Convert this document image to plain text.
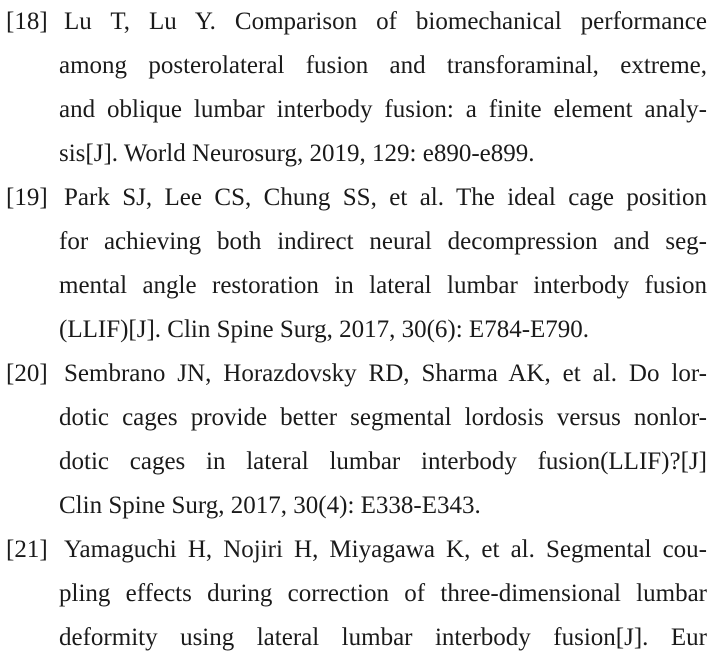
[18] Lu T, Lu Y. Comparison of biomechanical performance
among posterolateral fusion and transforaminal, extreme,
and oblique lumbar interbody fusion: a finite element analy-
sis[J]. World Neurosurg, 2019, 129: e890-e899.
[19] Park SJ, Lee CS, Chung SS, et al. The ideal cage position
for achieving both indirect neural decompression and seg-
mental angle restoration in lateral lumbar interbody fusion
(LLIF)[J]. Clin Spine Surg, 2017, 30(6): E784-E790.
[20] Sembrano JN, Horazdovsky RD, Sharma AK, et al. Do lor-
dotic cages provide better segmental lordosis versus nonlor-
dotic cages in lateral lumbar interbody fusion(LLIF)?[J]
Clin Spine Surg, 2017, 30(4): E338-E343.
[21] Yamaguchi H, Nojiri H, Miyagawa K, et al. Segmental cou-
pling effects during correction of three-dimensional lumbar
deformity using lateral lumbar interbody fusion[J]. Eur
